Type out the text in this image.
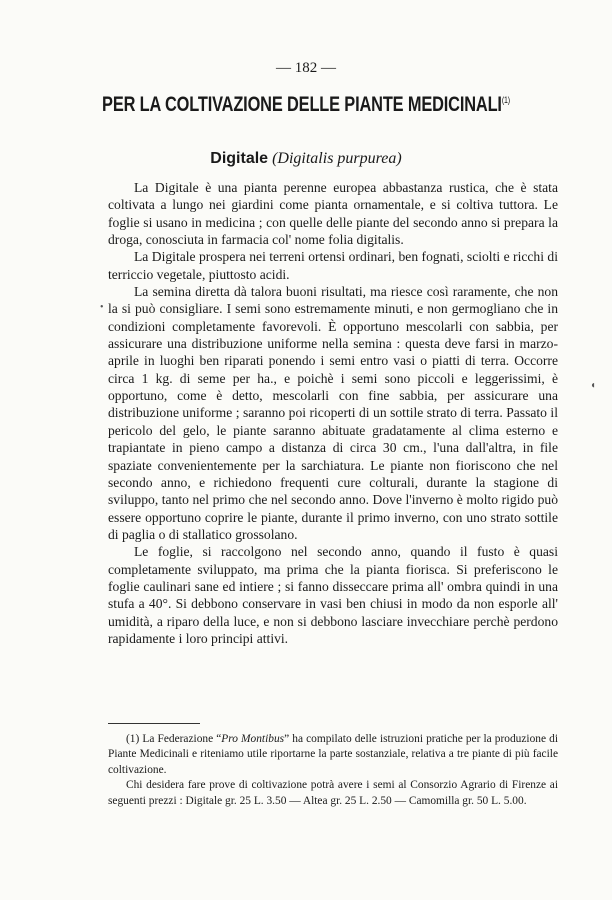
— 182 —
PER LA COLTIVAZIONE DELLE PIANTE MEDICINALI$^{(1)}$
Digitale (Digitalis purpurea)

La Digitale è una pianta perenne europea abbastanza rustica, che è stata coltivata a lungo nei giardini come pianta ornamentale, e si coltiva tuttora. Le foglie si usano in medicina ; con quelle delle piante del secondo anno si prepara la droga, conosciuta in farmacia col' nome folia digitalis.

La Digitale prospera nei terreni ortensi ordinari, ben fognati, sciolti e ricchi di terriccio vegetale, piuttosto acidi.

La semina diretta dà talora buoni risultati, ma riesce così raramente, che non la si può consigliare. I semi sono estremamente minuti, e non germogliano che in condizioni completamente favorevoli. È opportuno mescolarli con sabbia, per assicurare una distribuzione uniforme nella semina : questa deve farsi in marzo-aprile in luoghi ben riparati ponendo i semi entro vasi o piatti di terra. Occorre circa 1 kg. di seme per ha., e poichè i semi sono piccoli e leggerissimi, è opportuno, come è detto, mescolarli con fine sabbia, per assicurare una distribuzione uniforme ; saranno poi ricoperti di un sottile strato di terra. Passato il pericolo del gelo, le piante saranno abituate gradatamente al clima esterno e trapiantate in pieno campo a distanza di circa 30 cm., l'una dall'altra, in file spaziate convenientemente per la sarchiatura. Le piante non fioriscono che nel secondo anno, e richiedono frequenti cure colturali, durante la stagione di sviluppo, tanto nel primo che nel secondo anno. Dove l'inverno è molto rigido può essere opportuno coprire le piante, durante il primo inverno, con uno strato sottile di paglia o di stallatico grossolano.

Le foglie, si raccolgono nel secondo anno, quando il fusto è quasi completamente sviluppato, ma prima che la pianta fiorisca. Si preferiscono le foglie caulinari sane ed intiere ; si fanno disseccare prima all' ombra quindi in una stufa a 40°. Si debbono conservare in vasi ben chiusi in modo da non esporle all' umidità, a riparo della luce, e non si debbono lasciare invecchiare perchè perdono rapidamente i loro principi attivi.

•
◖

(1) La Federazione “Pro Montibus” ha compilato delle istruzioni pratiche per la produzione di Piante Medicinali e riteniamo utile riportarne la parte sostanziale, relativa a tre piante di più facile coltivazione.

Chi desidera fare prove di coltivazione potrà avere i semi al Consorzio Agrario di Firenze ai seguenti prezzi : Digitale gr. 25 L. 3.50 — Altea gr. 25 L. 2.50 — Camomilla gr. 50 L. 5.00.
